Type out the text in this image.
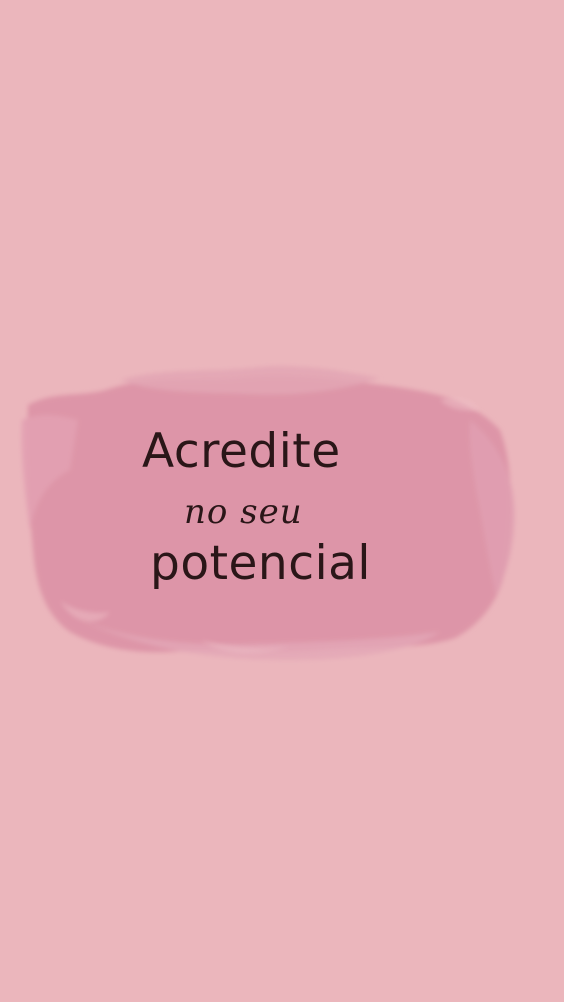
Acredite
no seu
potencial
